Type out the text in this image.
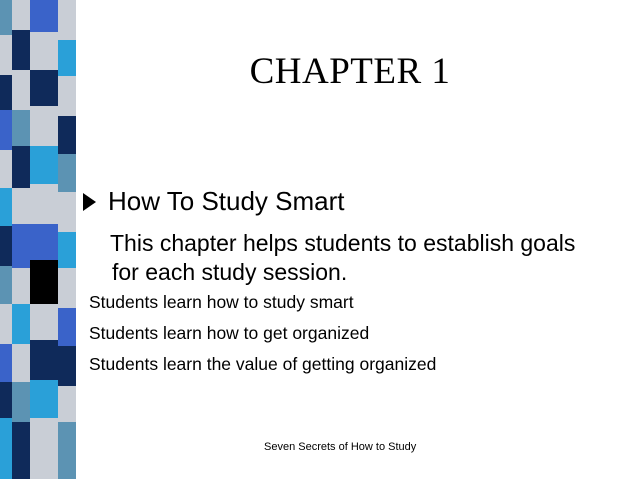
CHAPTER 1
How To Study Smart
This chapter helps students to establish goals
for each study session.
Students learn how to study smart
Students learn how to get organized
Students learn the value of getting organized
Seven Secrets of How to Study
